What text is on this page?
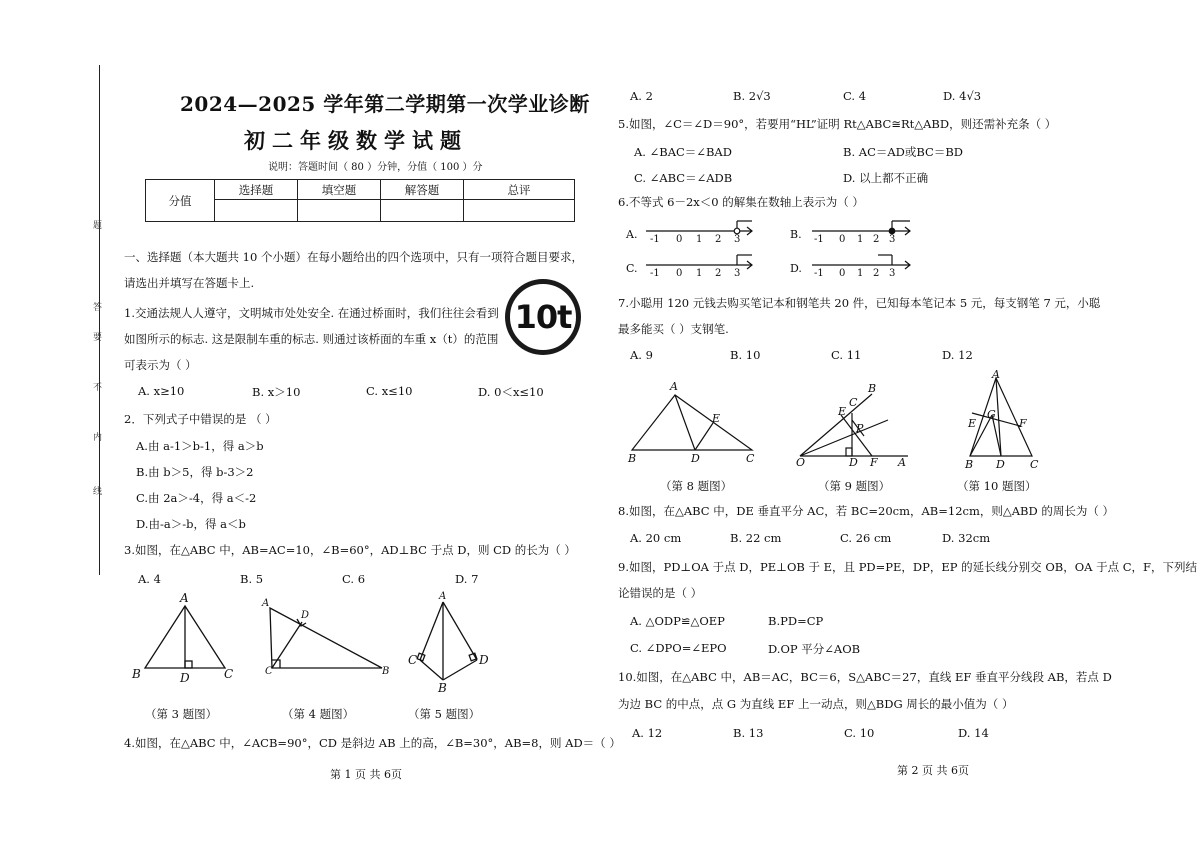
题
答
要
不
内
线
2024—2025 学年第二学期第一次学业诊断
初二年级数学试题
说明：答题时间（ 80 ）分钟，分值（ 100 ）分
分值	选择题	填空题	解答题	总评

一、选择题（本大题共 10 个小题）在每小题给出的四个选项中，只有一项符合题目要求，
请选出并填写在答题卡上.
1.交通法规人人遵守，文明城市处处安全. 在通过桥面时，我们往往会看到
如图所示的标志. 这是限制车重的标志. 则通过该桥面的车重 x（t）的范围
可表示为（ ）
A. x≥10	B. x＞10	C. x≤10	D. 0＜x≤10
10t
2．下列式子中错误的是 （ ）
A.由 a-1＞b-1，得 a＞b
B.由 b＞5，得 b-3＞2
C.由 2a＞-4，得 a＜-2
D.由-a＞-b，得 a＜b
3.如图，在△ABC 中，AB=AC=10，∠B=60°，AD⊥BC 于点 D，则 CD 的长为（ ）
A. 4	B. 5	C. 6	D. 7
A
B	D	C
A
D
C	B
A
C	D
B
（第 3 题图）	（第 4 题图）	（第 5 题图）
4.如图，在△ABC 中，∠ACB=90°，CD 是斜边 AB 上的高，∠B=30°，AB=8，则 AD＝（ ）
第 1 页 共 6页
A. 2	B. 2√3	C. 4	D. 4√3
5.如图，∠C＝∠D＝90°，若要用“HL”证明 Rt△ABC≅Rt△ABD，则还需补充条（ ）
A. ∠BAC＝∠BAD	B. AC＝AD或BC＝BD
C. ∠ABC＝∠ADB	D. 以上都不正确
6.不等式 6－2x＜0 的解集在数轴上表示为（ ）
A.	B.
C.	D.
-1 0 1 2 3	-1 0 1 2 3
-1 0 1 2 3	-1 0 1 2 3
7.小聪用 120 元钱去购买笔记本和钢笔共 20 件，已知每本笔记本 5 元，每支钢笔 7 元，小聪
最多能买（ ）支钢笔.
A. 9	B. 10	C. 11	D. 12
A
E
B	D	C
B
E
C
P
O	D F A
A
G
E	F
B D C
（第 8 题图）	（第 9 题图）	（第 10 题图）
8.如图，在△ABC 中，DE 垂直平分 AC，若 BC=20cm，AB=12cm，则△ABD 的周长为（ ）
A. 20 cm	B. 22 cm	C. 26 cm	D. 32cm
9.如图，PD⊥OA 于点 D，PE⊥OB 于 E，且 PD=PE，DP，EP 的延长线分别交 OB，OA 于点 C，F，下列结
论错误的是（ ）
A. △ODP≌△OEP	B.PD=CP
C. ∠DPO=∠EPO	D.OP 平分∠AOB
10.如图，在△ABC 中，AB＝AC，BC＝6，S△ABC＝27，直线 EF 垂直平分线段 AB，若点 D
为边 BC 的中点，点 G 为直线 EF 上一动点，则△BDG 周长的最小值为（ ）
A. 12	B. 13	C. 10	D. 14
第 2 页 共 6页
